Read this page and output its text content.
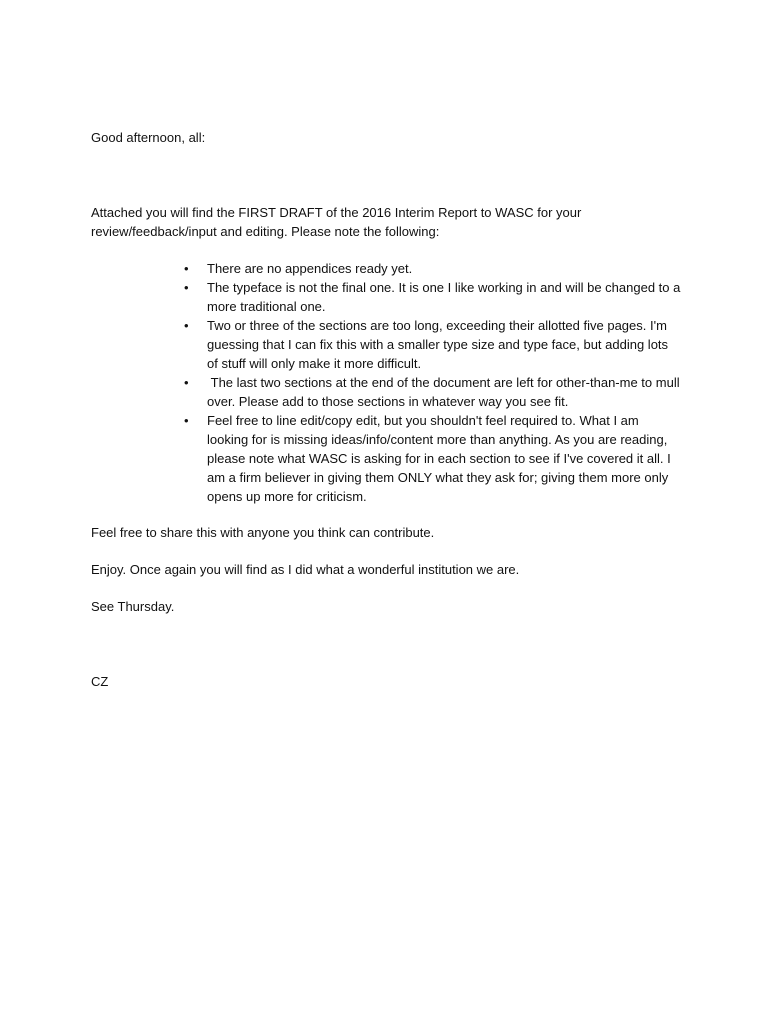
Good afternoon, all:

Attached you will find the FIRST DRAFT of the 2016 Interim Report to WASC for your

review/feedback/input and editing. Please note the following:

• There are no appendices ready yet.
• The typeface is not the final one. It is one I like working in and will be changed to a more traditional one.
• Two or three of the sections are too long, exceeding their allotted five pages. I'm guessing that I can fix this with a smaller type size and type face, but adding lots of stuff will only make it more difficult.
• The last two sections at the end of the document are left for other-than-me to mull over. Please add to those sections in whatever way you see fit.
• Feel free to line edit/copy edit, but you shouldn't feel required to. What I am looking for is missing ideas/info/content more than anything. As you are reading, please note what WASC is asking for in each section to see if I've covered it all. I am a firm believer in giving them ONLY what they ask for; giving them more only opens up more for criticism.
Feel free to share this with anyone you think can contribute.
Enjoy. Once again you will find as I did what a wonderful institution we are.
See Thursday.
CZ
